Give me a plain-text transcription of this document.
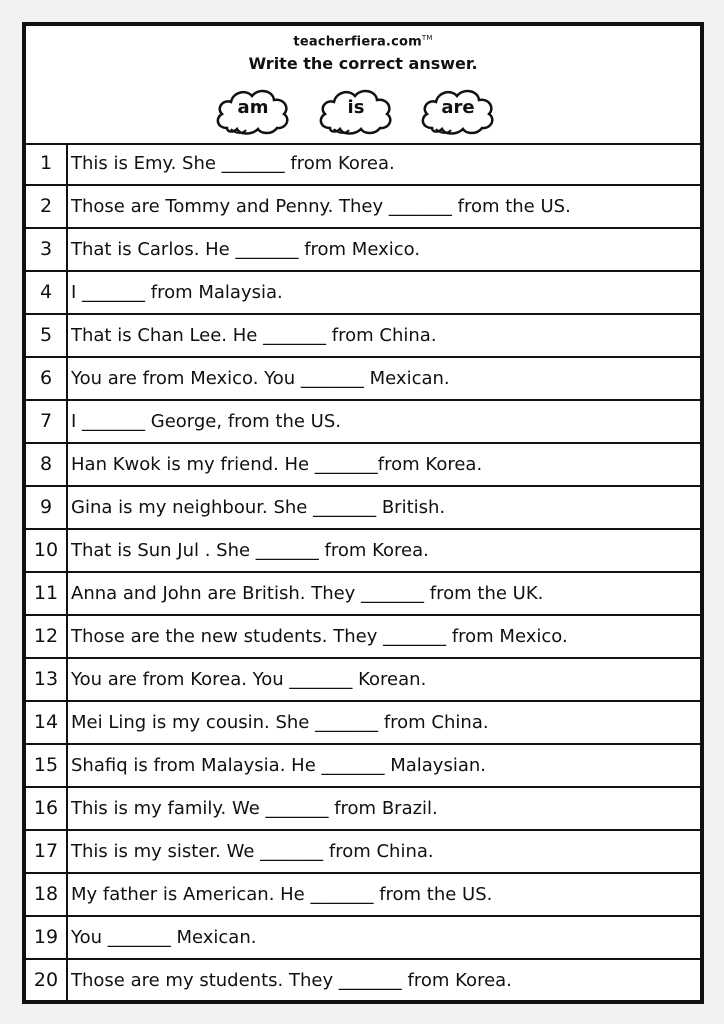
teacherfiera.com™
Write the correct answer.
am	is	are
1	This is Emy. She _______ from Korea.
2	Those are Tommy and Penny. They _______ from the US.
3	That is Carlos. He _______ from Mexico.
4	I _______ from Malaysia.
5	That is Chan Lee. He _______ from China.
6	You are from Mexico. You _______ Mexican.
7	I _______ George, from the US.
8	Han Kwok is my friend. He _______from Korea.
9	Gina is my neighbour. She _______ British.
10 That is Sun Jul . She _______ from Korea.
11 Anna and John are British. They _______ from the UK.
12 Those are the new students. They _______ from Mexico.
13 You are from Korea. You _______ Korean.
14 Mei Ling is my cousin. She _______ from China.
15 Shafiq is from Malaysia. He _______ Malaysian.
16 This is my family. We _______ from Brazil.
17 This is my sister. We _______ from China.
18 My father is American. He _______ from the US.
19 You _______ Mexican.
20 Those are my students. They _______ from Korea.
